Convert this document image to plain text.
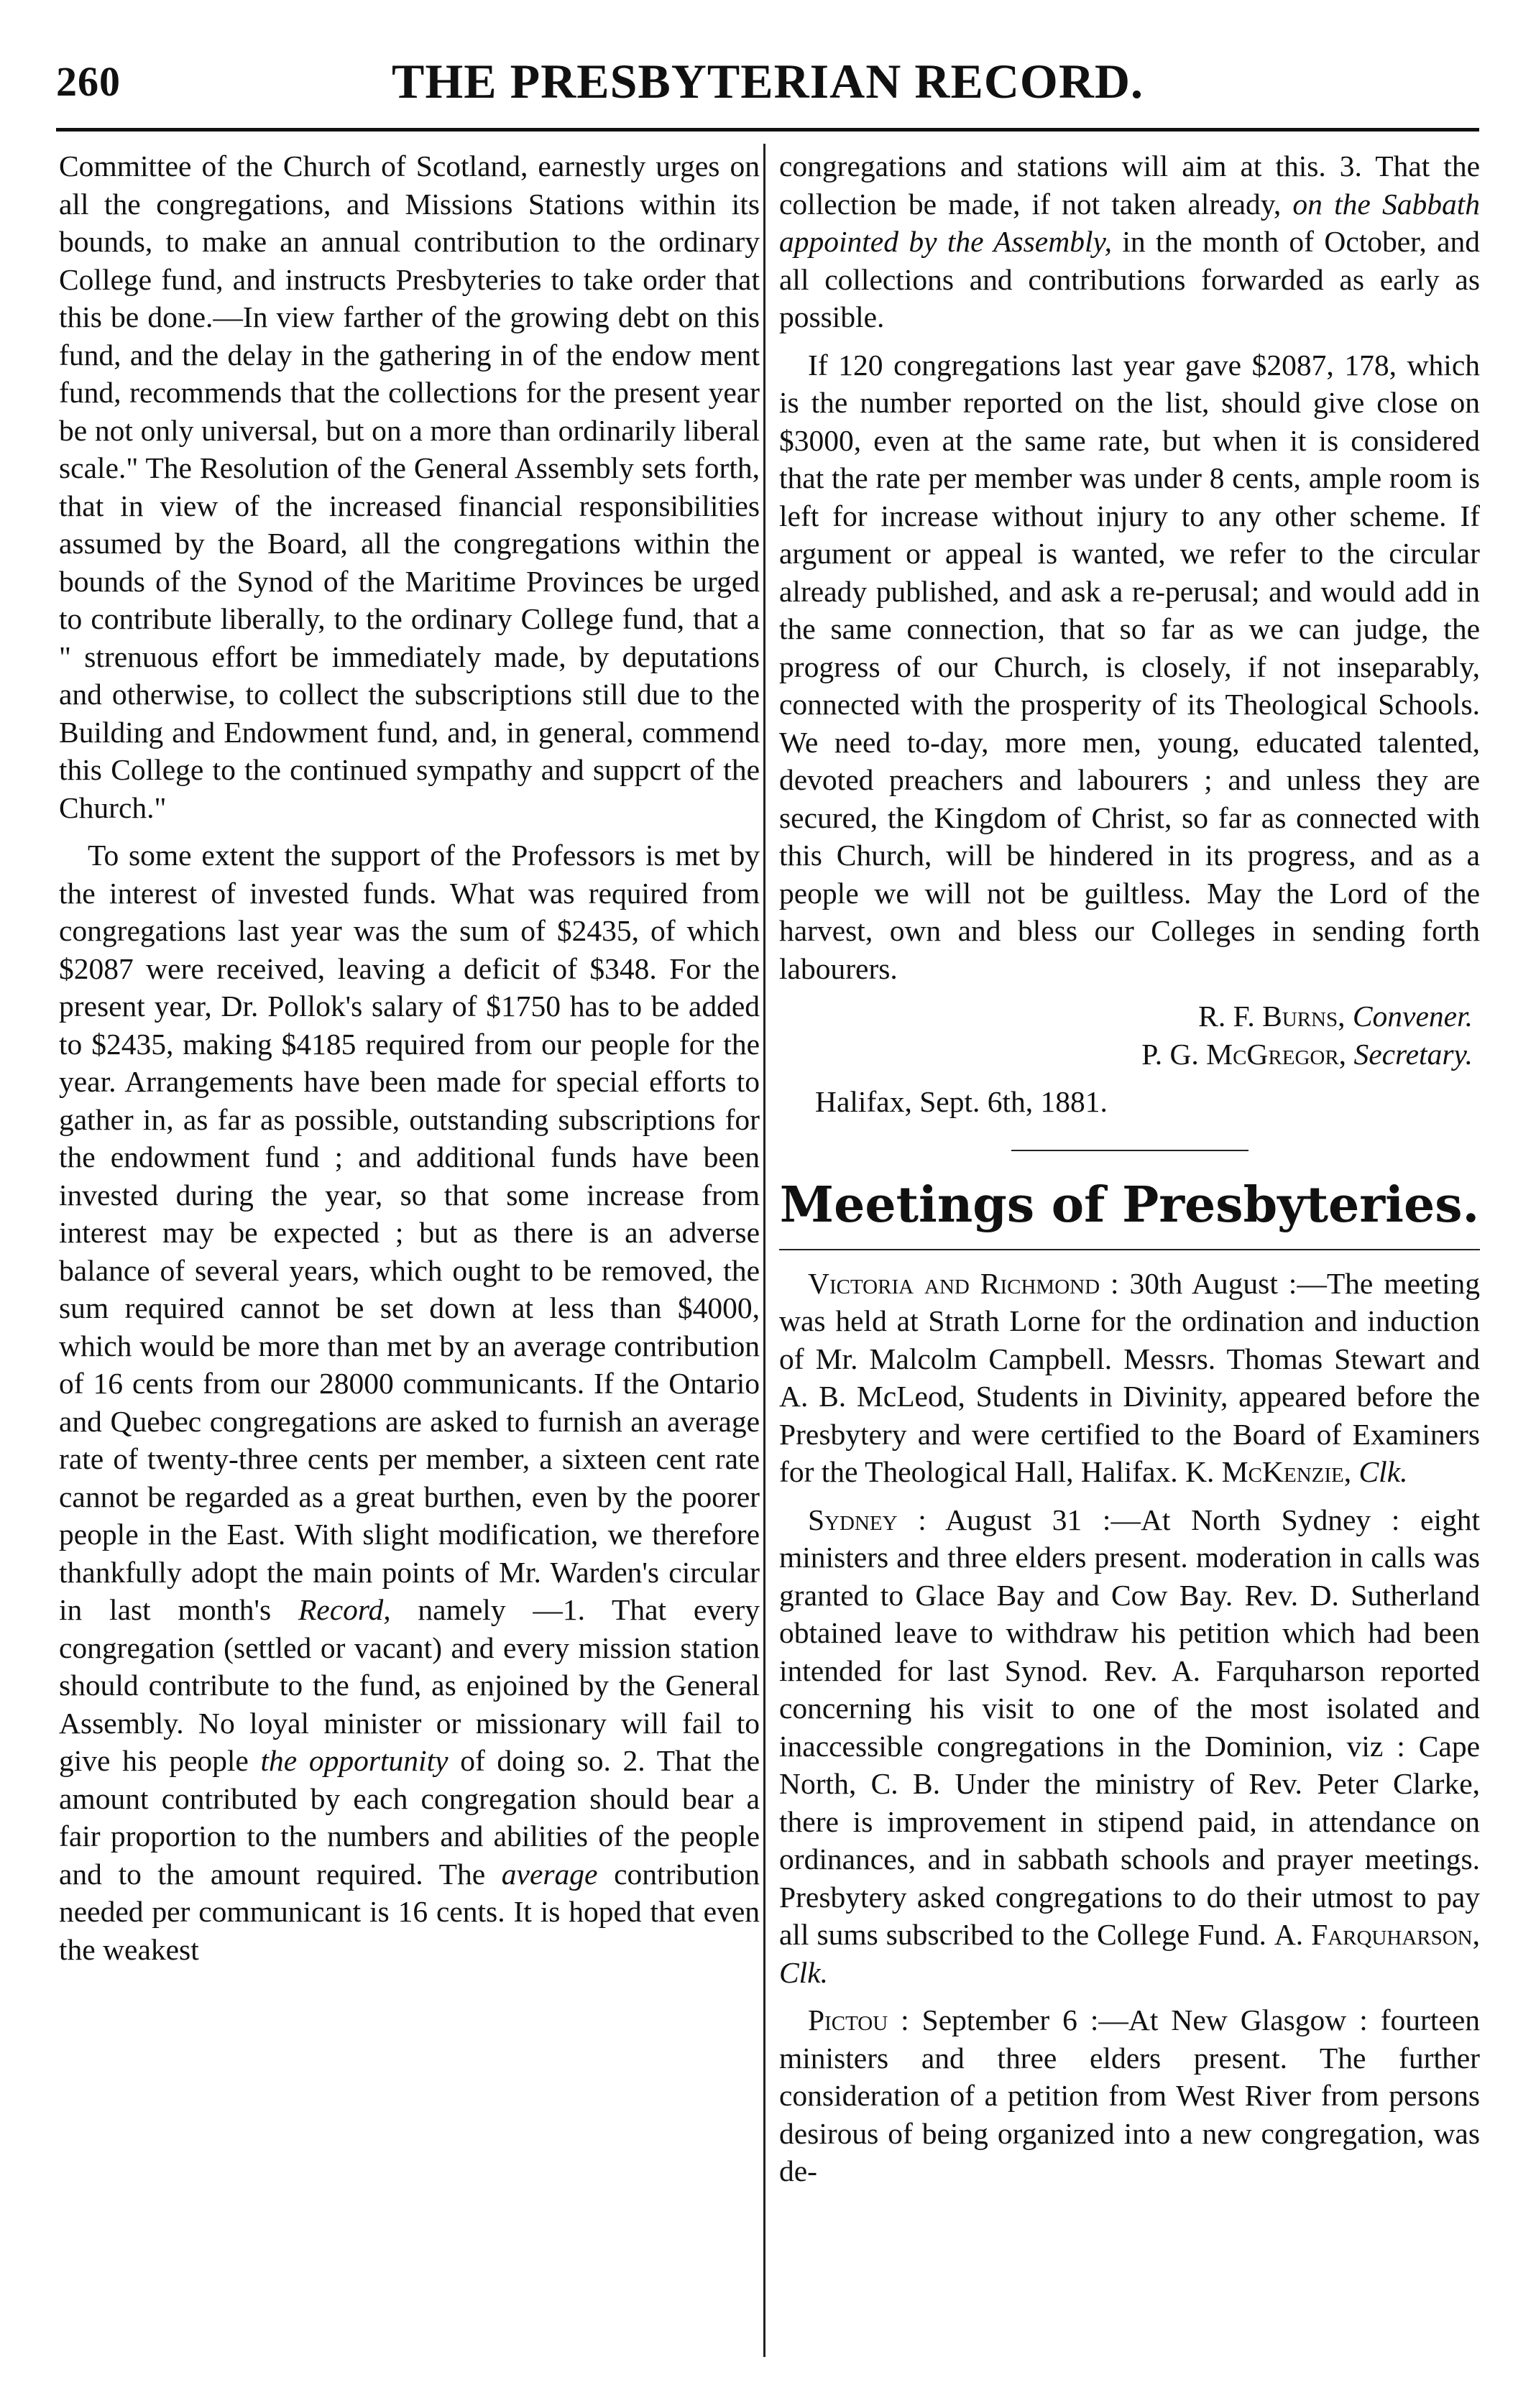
260	THE PRESBYTERIAN RECORD.

Committee of the Church of Scotland, earnestly urges on all the congregations, and Missions Stations within its bounds, to make an annual contribution to the ordinary College fund, and instructs Presbyteries to take order that this be done.—In view farther of the growing debt on this fund, and the delay in the gathering in of the endow ment fund, recommends that the collections for the present year be not only universal, but on a more than ordinarily liberal scale." The Resolution of the General Assembly sets forth, that in view of the increased financial responsibilities assumed by the Board, all the congregations within the bounds of the Synod of the Maritime Provinces be urged to contribute liberally, to the ordinary College fund, that a " strenuous effort be immediately made, by deputations and otherwise, to collect the subscriptions still due to the Building and Endowment fund, and, in general, commend this College to the continued sympathy and suppcrt of the Church."

To some extent the support of the Professors is met by the interest of invested funds. What was required from congregations last year was the sum of $2435, of which $2087 were received, leaving a deficit of $348. For the present year, Dr. Pollok's salary of $1750 has to be added to $2435, making $4185 required from our people for the year. Arrangements have been made for special efforts to gather in, as far as possible, outstanding subscriptions for the endowment fund ; and additional funds have been invested during the year, so that some increase from interest may be expected ; but as there is an adverse balance of several years, which ought to be removed, the sum required cannot be set down at less than $4000, which would be more than met by an average contribution of 16 cents from our 28000 communicants. If the Ontario and Quebec congregations are asked to furnish an average rate of twenty-three cents per member, a sixteen cent rate cannot be regarded as a great burthen, even by the poorer people in the East. With slight modification, we therefore thankfully adopt the main points of Mr. Warden's circular in last month's Record, namely —1. That every congregation (settled or vacant) and every mission station should contribute to the fund, as enjoined by the General Assembly. No loyal minister or missionary will fail to give his people the opportunity of doing so. 2. That the amount contributed by each congregation should bear a fair proportion to the numbers and abilities of the people and to the amount required. The average contribution needed per communicant is 16 cents. It is hoped that even the weakest

congregations and stations will aim at this. 3. That the collection be made, if not taken already, on the Sabbath appointed by the Assembly, in the month of October, and all collections and contributions forwarded as early as possible.

If 120 congregations last year gave $2087, 178, which is the number reported on the list, should give close on $3000, even at the same rate, but when it is considered that the rate per member was under 8 cents, ample room is left for increase without injury to any other scheme. If argument or appeal is wanted, we refer to the circular already published, and ask a re-perusal; and would add in the same connection, that so far as we can judge, the progress of our Church, is closely, if not inseparably, connected with the prosperity of its Theological Schools. We need to-day, more men, young, educated talented, devoted preachers and labourers ; and unless they are secured, the Kingdom of Christ, so far as connected with this Church, will be hindered in its progress, and as a people we will not be guiltless. May the Lord of the harvest, own and bless our Colleges in sending forth labourers.

R. F. Burns, Convener.

P. G. McGregor, Secretary.

Halifax, Sept. 6th, 1881.

Meetings of Presbyteries.

Victoria and Richmond : 30th August :—The meeting was held at Strath Lorne for the ordination and induction of Mr. Malcolm Campbell. Messrs. Thomas Stewart and A. B. McLeod, Students in Divinity, appeared before the Presbytery and were certified to the Board of Examiners for the Theological Hall, Halifax. K. McKenzie, Clk.

Sydney : August 31 :—At North Sydney : eight ministers and three elders present. moderation in calls was granted to Glace Bay and Cow Bay. Rev. D. Sutherland obtained leave to withdraw his petition which had been intended for last Synod. Rev. A. Farquharson reported concerning his visit to one of the most isolated and inaccessible congregations in the Dominion, viz : Cape North, C. B. Under the ministry of Rev. Peter Clarke, there is improvement in stipend paid, in attendance on ordinances, and in sabbath schools and prayer meetings. Presbytery asked congregations to do their utmost to pay all sums subscribed to the College Fund. A. Farquharson, Clk.

Pictou : September 6 :—At New Glasgow : fourteen ministers and three elders present. The further consideration of a petition from West River from persons desirous of being organized into a new congregation, was de-
